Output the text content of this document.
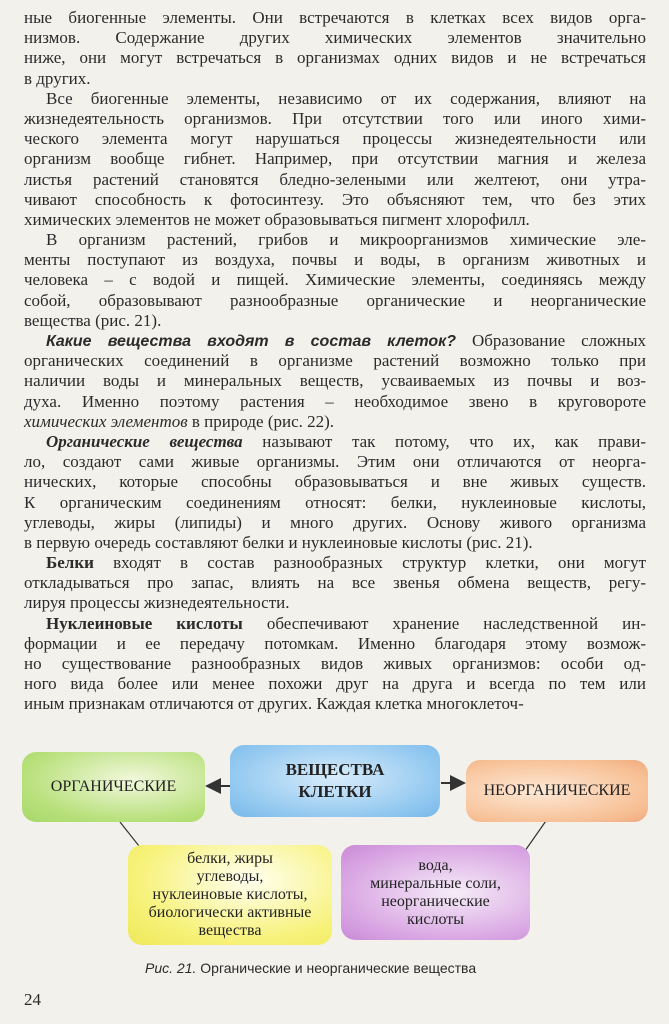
ные биогенные элементы. Они встречаются в клетках всех видов орга-
низмов. Содержание других химических элементов значительно
ниже, они могут встречаться в организмах одних видов и не встречаться
в других.
Все биогенные элементы, независимо от их содержания, влияют на
жизнедеятельность организмов. При отсутствии того или иного хими-
ческого элемента могут нарушаться процессы жизнедеятельности или
организм вообще гибнет. Например, при отсутствии магния и железа
листья растений становятся бледно-зелеными или желтеют, они утра-
чивают способность к фотосинтезу. Это объясняют тем, что без этих
химических элементов не может образовываться пигмент хлорофилл.
В организм растений, грибов и микроорганизмов химические эле-
менты поступают из воздуха, почвы и воды, в организм животных и
человека – с водой и пищей. Химические элементы, соединяясь между
собой, образовывают разнообразные органические и неорганические
вещества (рис. 21).
Какие вещества входят в состав клеток? Образование сложных
органических соединений в организме растений возможно только при
наличии воды и минеральных веществ, усваиваемых из почвы и воз-
духа. Именно поэтому растения – необходимое звено в круговороте
химических элементов в природе (рис. 22).
Органические вещества называют так потому, что их, как прави-
ло, создают сами живые организмы. Этим они отличаются от неорга-
нических, которые способны образовываться и вне живых существ.
К органическим соединениям относят: белки, нуклеиновые кислоты,
углеводы, жиры (липиды) и много других. Основу живого организма
в первую очередь составляют белки и нуклеиновые кислоты (рис. 21).
Белки входят в состав разнообразных структур клетки, они могут
откладываться про запас, влиять на все звенья обмена веществ, регу-
лируя процессы жизнедеятельности.
Нуклеиновые кислоты обеспечивают хранение наследственной ин-
формации и ее передачу потомкам. Именно благодаря этому возмож-
но существование разнообразных видов живых организмов: особи од-
ного вида более или менее похожи друг на друга и всегда по тем или
иным признакам отличаются от других. Каждая клетка многоклеточ-
ОРГАНИЧЕСКИЕ
ВЕЩЕСТВА
КЛЕТКИ	НЕОРГАНИЧЕСКИЕ
белки, жиры
углеводы,
нуклеиновые кислоты,
биологически активные
вещества
вода,
минеральные соли,
неорганические
кислоты
Рис. 21. Органические и неорганические вещества
24
